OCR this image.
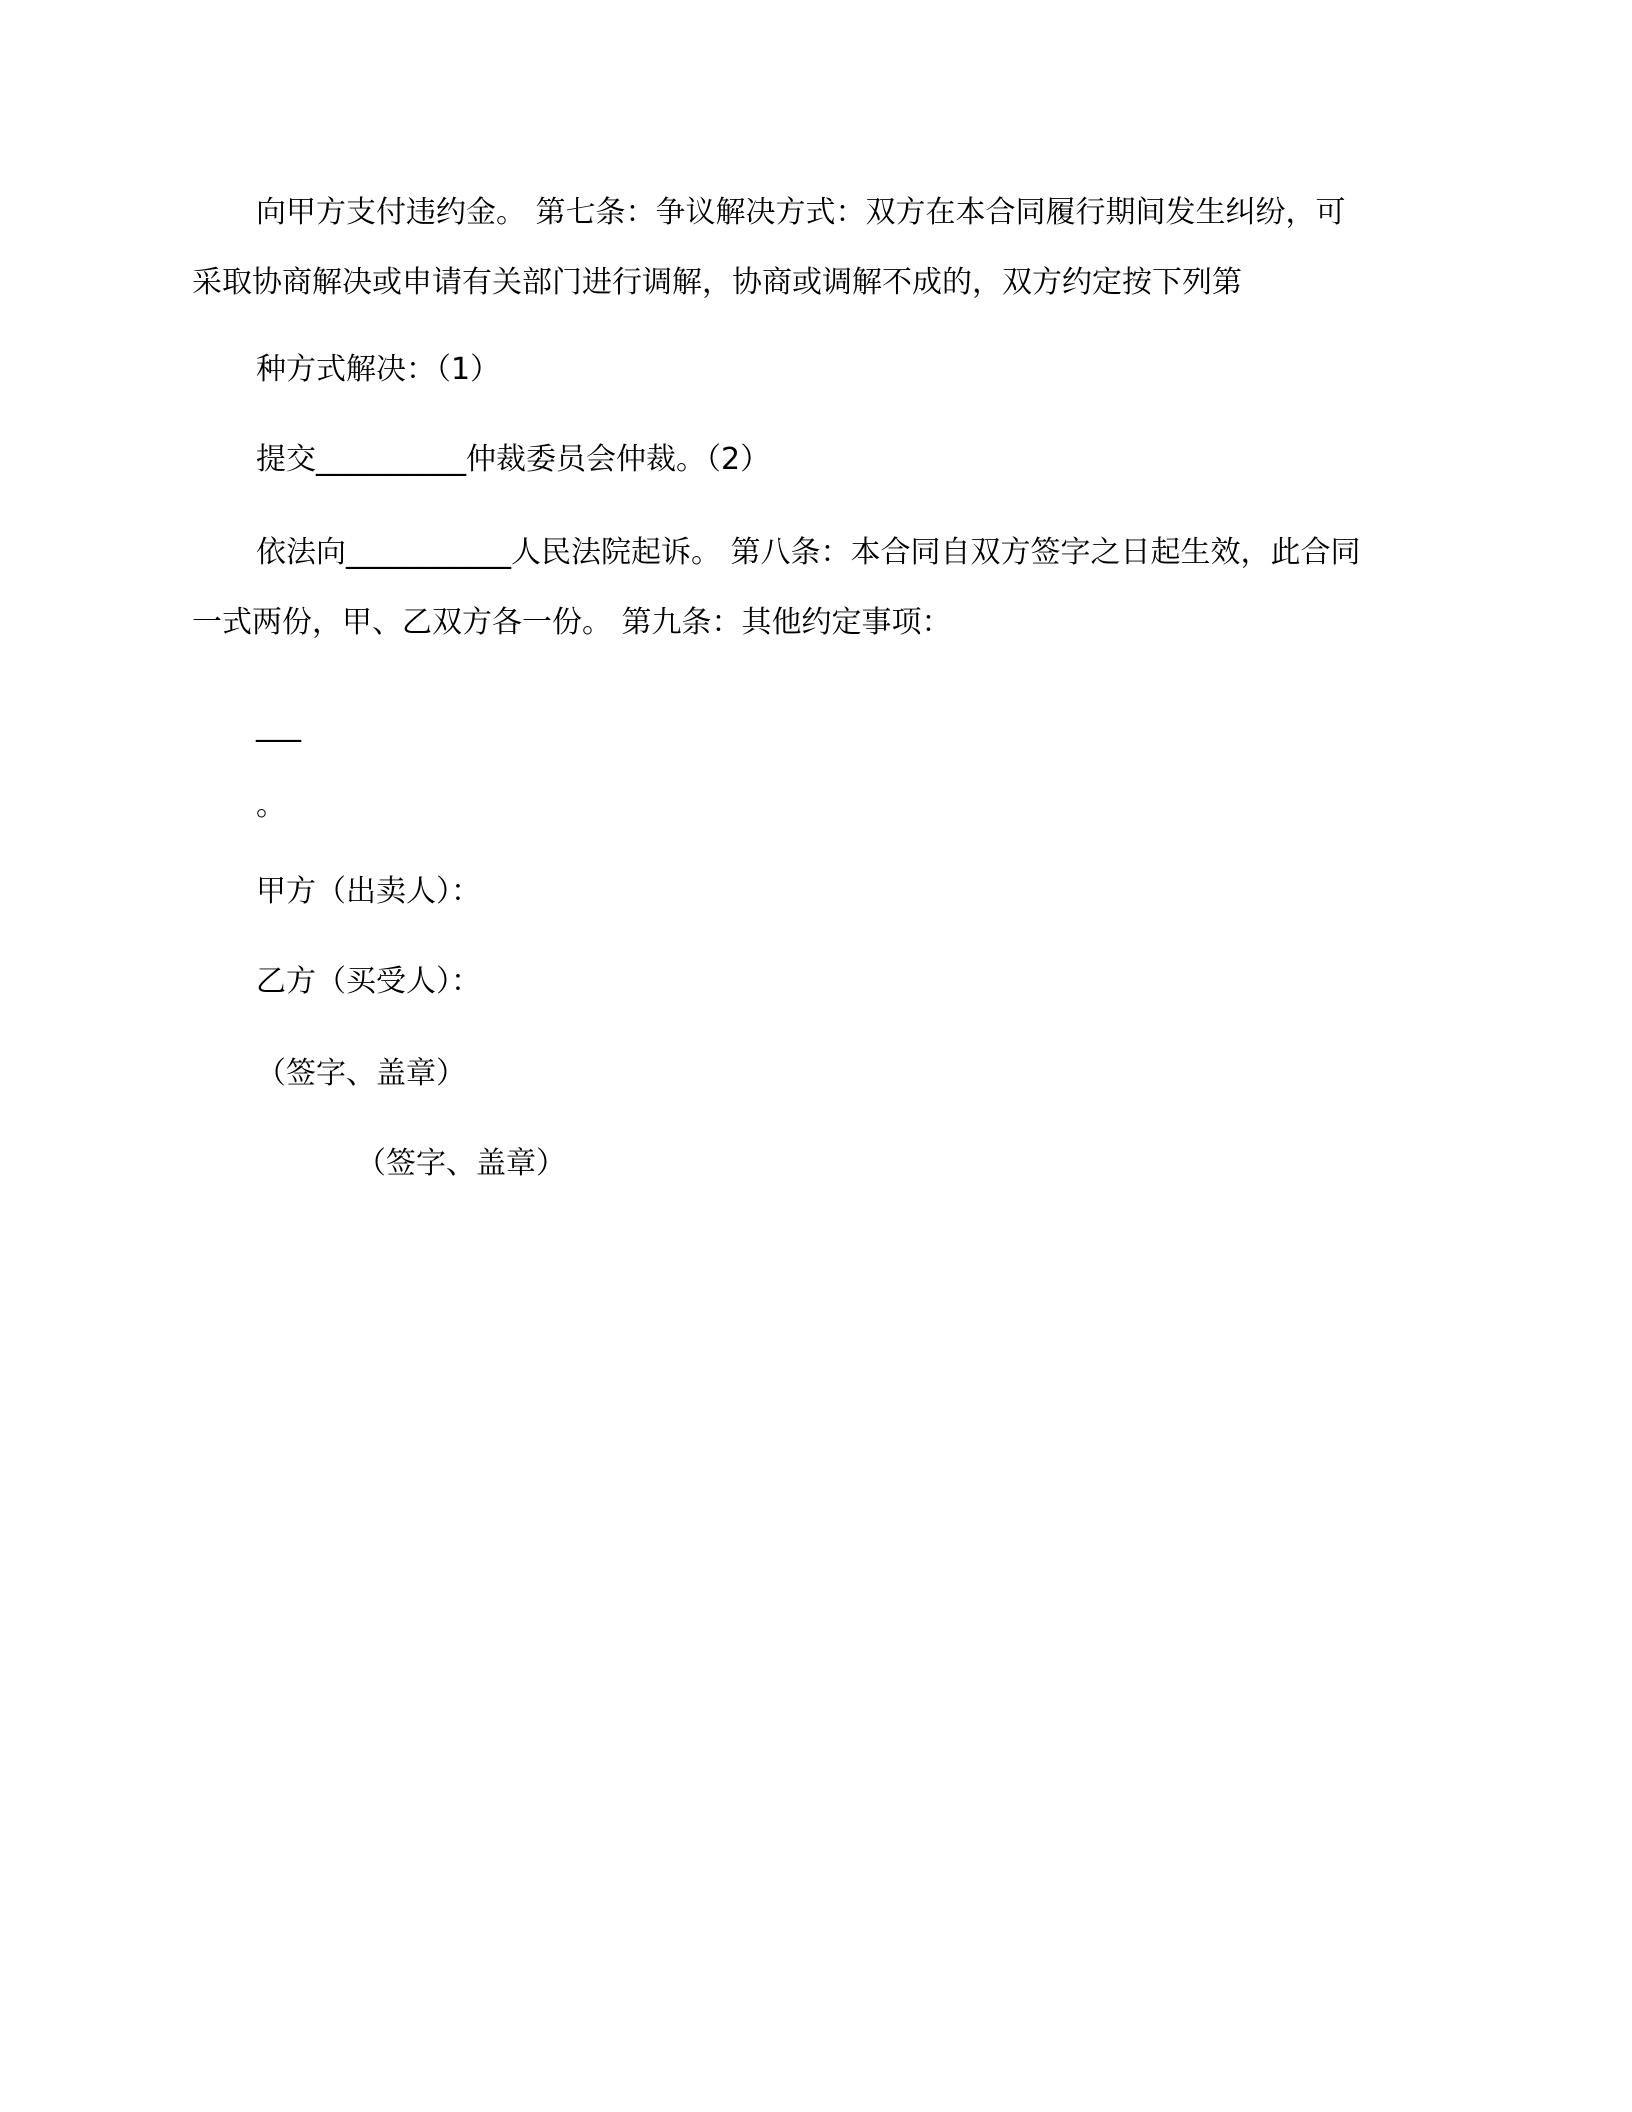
向甲方支付违约金。 第七条：争议解决方式：双方在本合同履行期间发生纠纷，可
采取协商解决或申请有关部门进行调解，协商或调解不成的，双方约定按下列第
种方式解决：（1）
提交__________仲裁委员会仲裁。（2）
依法向___________人民法院起诉。 第八条：本合同自双方签字之日起生效，此合同
一式两份，甲、乙双方各一份。 第九条：其他约定事项：
___
。
甲方（出卖人）：
乙方（买受人）：
（签字、盖章）
（签字、盖章）
